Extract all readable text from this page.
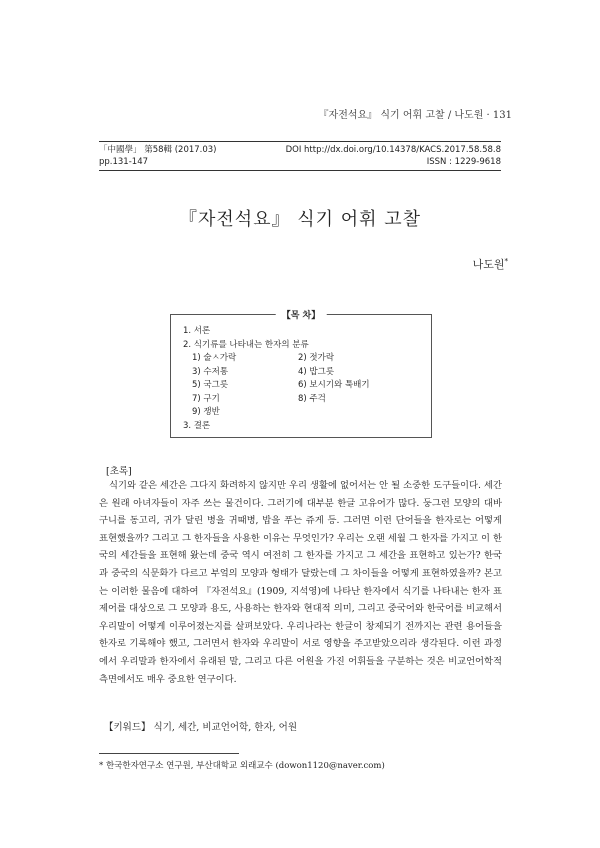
『자전석요』 식기 어휘 고찰 / 나도원 · 131
「中國學」 第58輯 (2017.03)	DOI http://dx.doi.org/10.14378/KACS.2017.58.58.8
pp.131-147	ISSN : 1229-9618
『자전석요』 식기 어휘 고찰
나도원*
【목 차】
1. 서론
2. 식기류를 나타내는 한자의 분류
1) 술ㅅ가락	2) 젓가락
3) 수저통	4) 밥그릇
5) 국그릇	6) 보시기와 툭배기
7) 구기	8) 주걱
9) 쟁반
3. 결론
[초록]
식기와 같은 세간은 그다지 화려하지 않지만 우리 생활에 없어서는 안 될 소중한 도구들이다. 세간은 원래 아녀자들이 자주 쓰는 물건이다. 그러기에 대부분 한글 고유어가 많다. 둥그런 모양의 대바구니를 동고리, 귀가 달린 병을 귀때병, 밥을 푸는 쥬게 등. 그러면 이런 단어들을 한자로는 어떻게 표현했을까? 그리고 그 한자들을 사용한 이유는 무엇인가? 우리는 오랜 세월 그 한자를 가지고 이 한국의 세간들을 표현해 왔는데 중국 역시 여전히 그 한자를 가지고 그 세간을 표현하고 있는가? 한국과 중국의 식문화가 다르고 부엌의 모양과 형태가 달랐는데 그 차이들을 어떻게 표현하였을까? 본고는 이러한 물음에 대하여 『자전석요』(1909, 지석영)에 나타난 한자에서 식기를 나타내는 한자 표제어를 대상으로 그 모양과 용도, 사용하는 한자와 현대적 의미, 그리고 중국어와 한국어를 비교해서 우리말이 어떻게 이루어졌는지를 살펴보았다. 우리나라는 한글이 창제되기 전까지는 관련 용어들을 한자로 기록해야 했고, 그러면서 한자와 우리말이 서로 영향을 주고받았으리라 생각된다. 이런 과정에서 우리말과 한자에서 유래된 말, 그리고 다른 어원을 가진 어휘들을 구분하는 것은 비교언어학적 측면에서도 매우 중요한 연구이다.
【키워드】 식기, 세간, 비교언어학, 한자, 어원
* 한국한자연구소 연구원, 부산대학교 외래교수 (dowon1120@naver.com)
